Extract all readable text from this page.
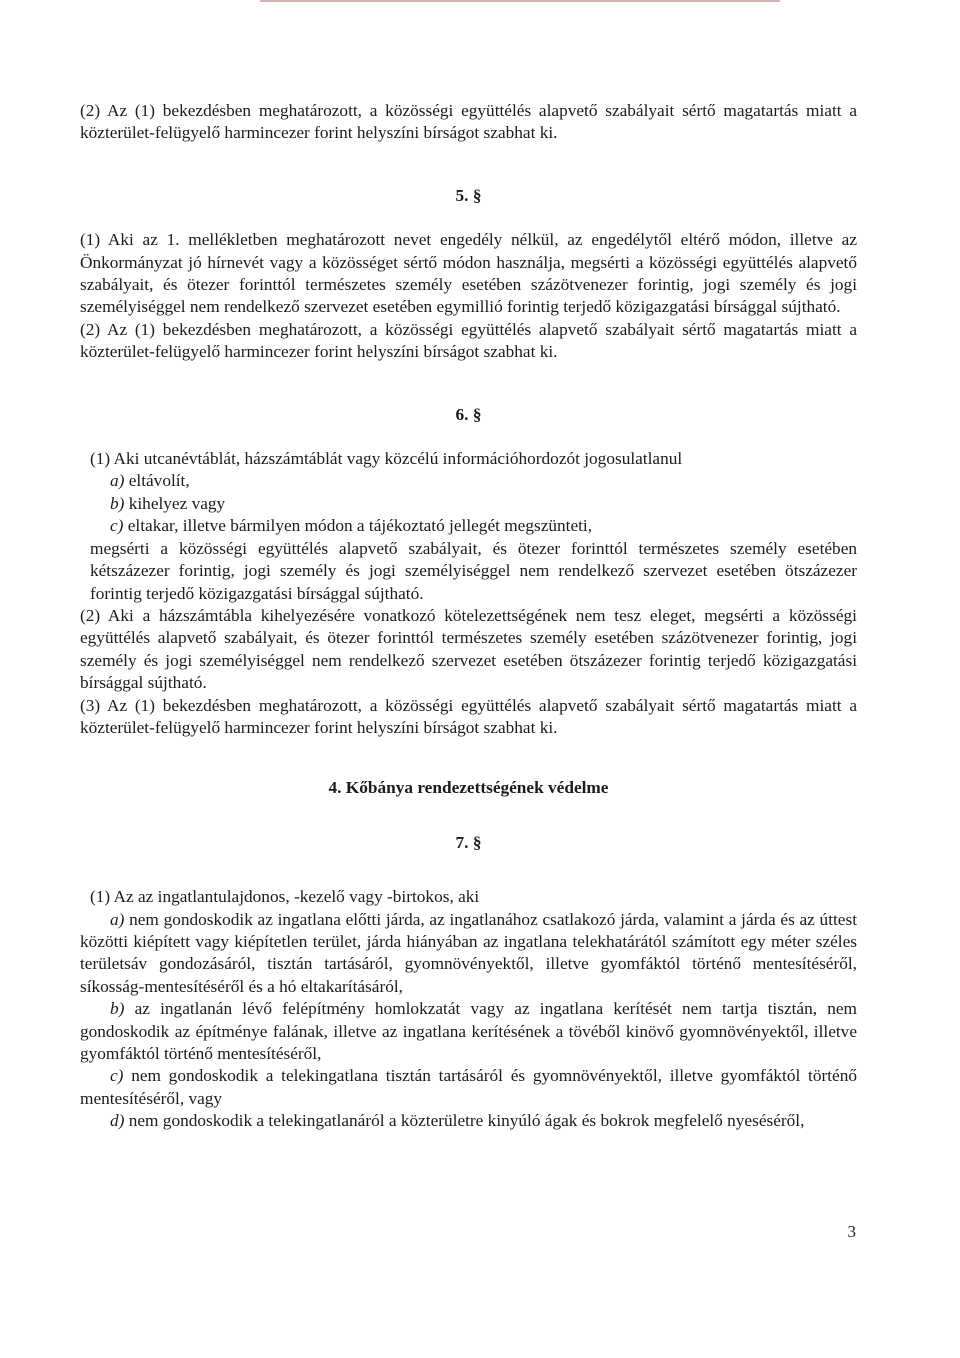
(2) Az (1) bekezdésben meghatározott, a közösségi együttélés alapvető szabályait sértő magatartás miatt a közterület-felügyelő harmincezer forint helyszíni bírságot szabhat ki.

5. §

(1) Aki az 1. mellékletben meghatározott nevet engedély nélkül, az engedélytől eltérő módon, illetve az Önkormányzat jó hírnevét vagy a közösséget sértő módon használja, megsérti a közösségi együttélés alapvető szabályait, és ötezer forinttól természetes személy esetében százötvenezer forintig, jogi személy és jogi személyiséggel nem rendelkező szervezet esetében egymillió forintig terjedő közigazgatási bírsággal sújtható.

(2) Az (1) bekezdésben meghatározott, a közösségi együttélés alapvető szabályait sértő magatartás miatt a közterület-felügyelő harmincezer forint helyszíni bírságot szabhat ki.

6. §

(1) Aki utcanévtáblát, házszámtáblát vagy közcélú információhordozót jogosulatlanul

a) eltávolít,

b) kihelyez vagy

c) eltakar, illetve bármilyen módon a tájékoztató jellegét megszünteti,

megsérti a közösségi együttélés alapvető szabályait, és ötezer forinttól természetes személy esetében kétszázezer forintig, jogi személy és jogi személyiséggel nem rendelkező szervezet esetében ötszázezer forintig terjedő közigazgatási bírsággal sújtható.

(2) Aki a házszámtábla kihelyezésére vonatkozó kötelezettségének nem tesz eleget, megsérti a közösségi együttélés alapvető szabályait, és ötezer forinttól természetes személy esetében százötvenezer forintig, jogi személy és jogi személyiséggel nem rendelkező szervezet esetében ötszázezer forintig terjedő közigazgatási bírsággal sújtható.

(3) Az (1) bekezdésben meghatározott, a közösségi együttélés alapvető szabályait sértő magatartás miatt a közterület-felügyelő harmincezer forint helyszíni bírságot szabhat ki.

4. Kőbánya rendezettségének védelme

7. §

(1) Az az ingatlantulajdonos, -kezelő vagy -birtokos, aki

a) nem gondoskodik az ingatlana előtti járda, az ingatlanához csatlakozó járda, valamint a járda és az úttest közötti kiépített vagy kiépítetlen terület, járda hiányában az ingatlana telekhatárától számított egy méter széles területsáv gondozásáról, tisztán tartásáról, gyomnövényektől, illetve gyomfáktól történő mentesítéséről, síkosság-mentesítéséről és a hó eltakarításáról,

b) az ingatlanán lévő felépítmény homlokzatát vagy az ingatlana kerítését nem tartja tisztán, nem gondoskodik az építménye falának, illetve az ingatlana kerítésének a tövéből kinövő gyomnövényektől, illetve gyomfáktól történő mentesítéséről,

c) nem gondoskodik a telekingatlana tisztán tartásáról és gyomnövényektől, illetve gyomfáktól történő mentesítéséről, vagy

d) nem gondoskodik a telekingatlanáról a közterületre kinyúló ágak és bokrok megfelelő nyeséséről,

3
